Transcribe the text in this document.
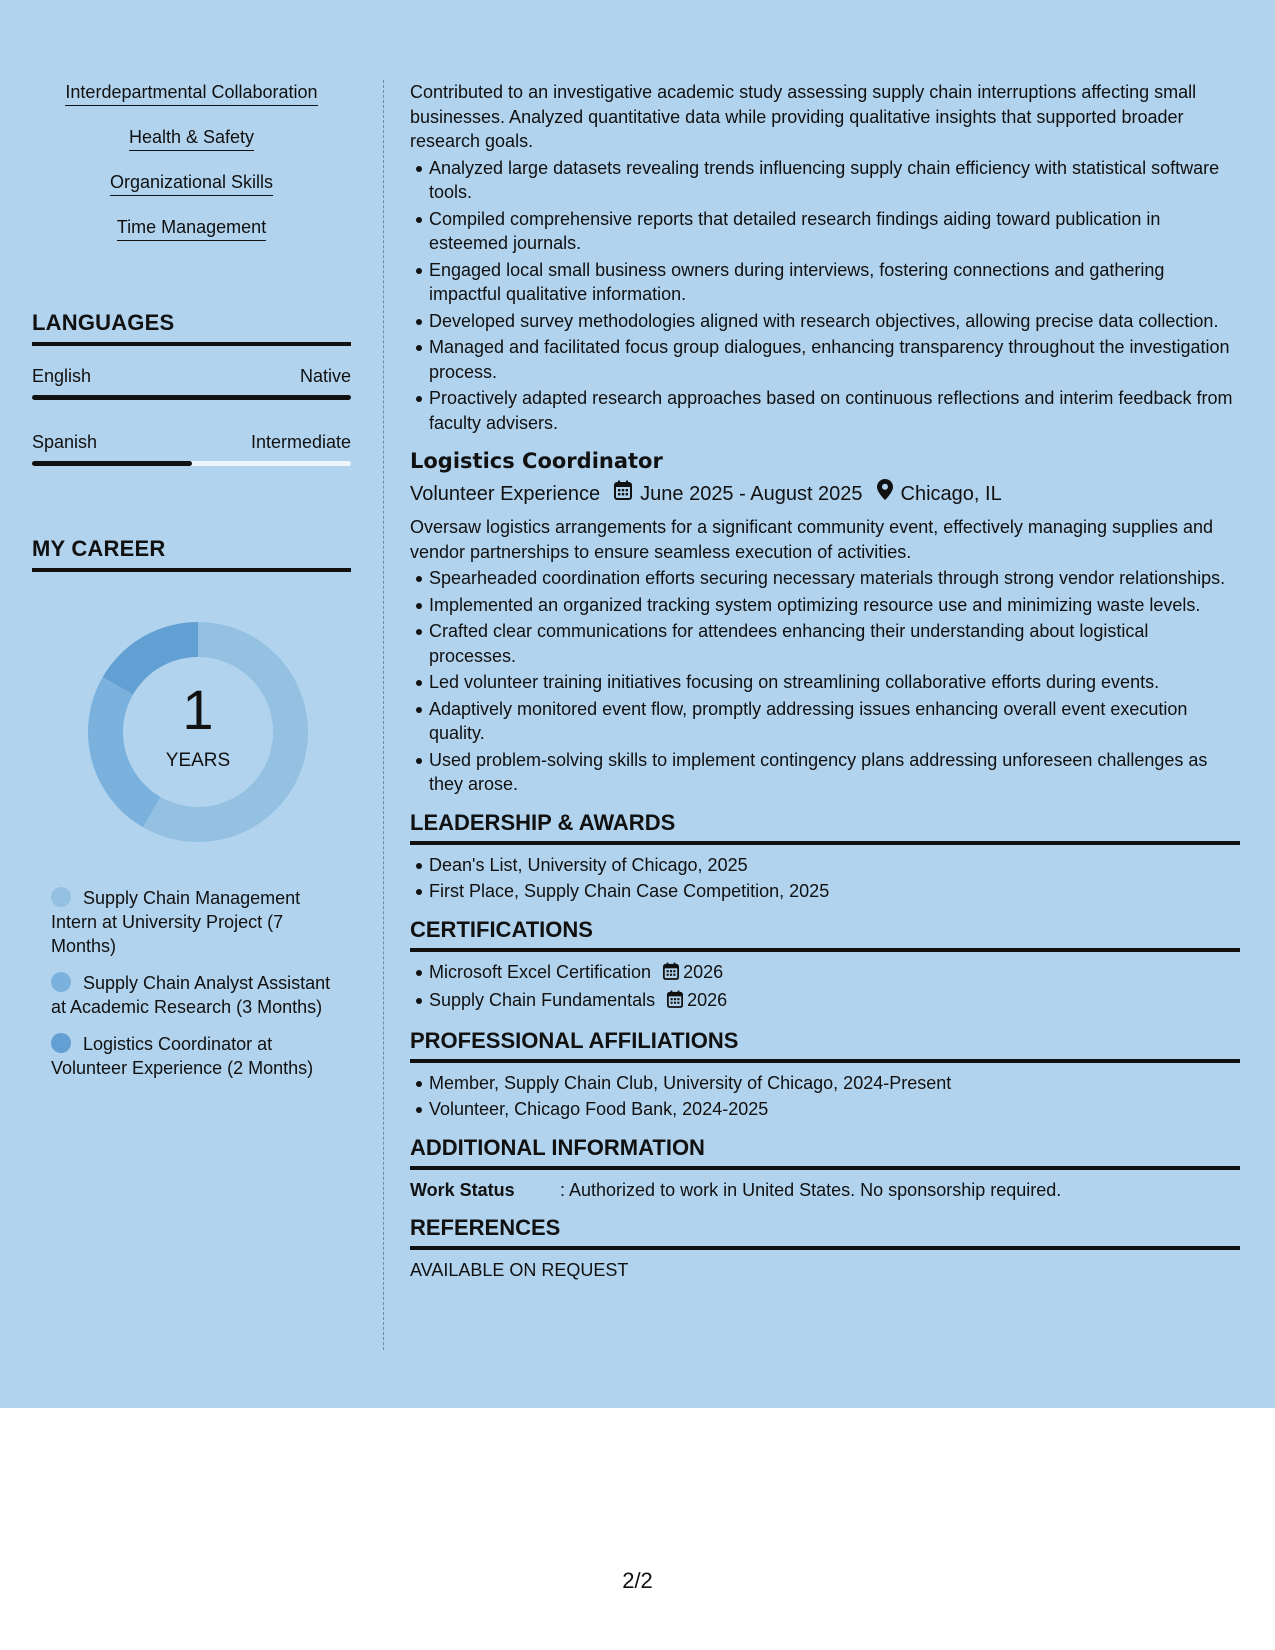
Interdepartmental Collaboration
Health & Safety
Organizational Skills
Time Management
LANGUAGES
English	Native
Spanish	Intermediate
MY CAREER
1
YEARS
Supply Chain Management Intern at University Project (7 Months)
Supply Chain Analyst Assistant at Academic Research (3 Months)
Logistics Coordinator at Volunteer Experience (2 Months)

Contributed to an investigative academic study assessing supply chain interruptions affecting small businesses. Analyzed quantitative data while providing qualitative insights that supported broader research goals.

Analyzed large datasets revealing trends influencing supply chain efficiency with statistical software tools.
Compiled comprehensive reports that detailed research findings aiding toward publication in esteemed journals.
Engaged local small business owners during interviews, fostering connections and gathering impactful qualitative information.
Developed survey methodologies aligned with research objectives, allowing precise data collection.
Managed and facilitated focus group dialogues, enhancing transparency throughout the investigation process.
Proactively adapted research approaches based on continuous reflections and interim feedback from faculty advisers.
Logistics Coordinator
Volunteer Experience June 2025 - August 2025 Chicago, IL

Oversaw logistics arrangements for a significant community event, effectively managing supplies and vendor partnerships to ensure seamless execution of activities.

Spearheaded coordination efforts securing necessary materials through strong vendor relationships.
Implemented an organized tracking system optimizing resource use and minimizing waste levels.
Crafted clear communications for attendees enhancing their understanding about logistical processes.
Led volunteer training initiatives focusing on streamlining collaborative efforts during events.
Adaptively monitored event flow, promptly addressing issues enhancing overall event execution quality.
Used problem-solving skills to implement contingency plans addressing unforeseen challenges as they arose.
LEADERSHIP & AWARDS
Dean's List, University of Chicago, 2025
First Place, Supply Chain Case Competition, 2025
CERTIFICATIONS
Microsoft Excel Certification 2026
Supply Chain Fundamentals 2026
PROFESSIONAL AFFILIATIONS
Member, Supply Chain Club, University of Chicago, 2024-Present
Volunteer, Chicago Food Bank, 2024-2025
ADDITIONAL INFORMATION
Work Status	: Authorized to work in United States. No sponsorship required.
REFERENCES
AVAILABLE ON REQUEST
2/2
